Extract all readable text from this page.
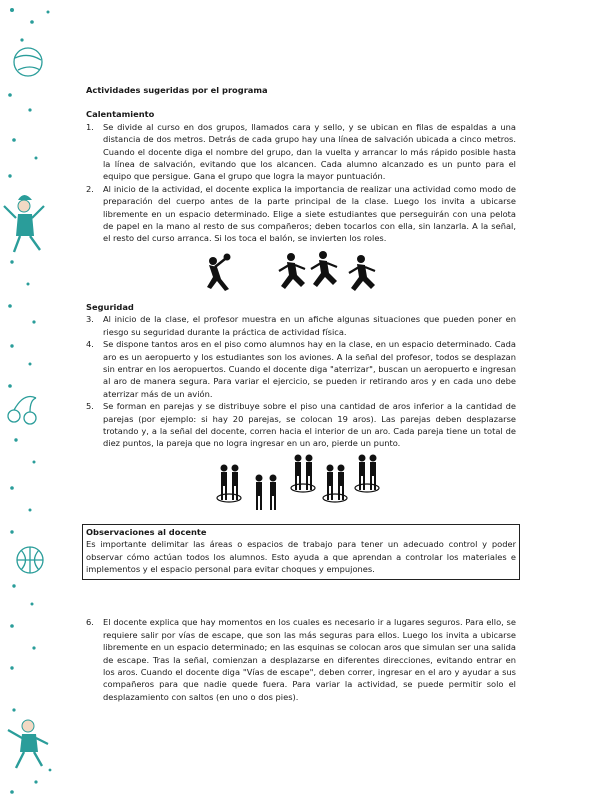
Actividades sugeridas por el programa
Calentamiento
1. Se divide al curso en dos grupos, llamados cara y sello, y se ubican en filas de espaldas a una distancia de dos metros. Detrás de cada grupo hay una línea de salvación ubicada a cinco metros. Cuando el docente diga el nombre del grupo, dan la vuelta y arrancar lo más rápido posible hasta la línea de salvación, evitando que los alcancen. Cada alumno alcanzado es un punto para el equipo que persigue. Gana el grupo que logra la mayor puntuación.
2. Al inicio de la actividad, el docente explica la importancia de realizar una actividad como modo de preparación del cuerpo antes de la parte principal de la clase. Luego los invita a ubicarse libremente en un espacio determinado. Elige a siete estudiantes que perseguirán con una pelota de papel en la mano al resto de sus compañeros; deben tocarlos con ella, sin lanzarla. A la señal, el resto del curso arranca. Si los toca el balón, se invierten los roles.
Seguridad
3. Al inicio de la clase, el profesor muestra en un afiche algunas situaciones que pueden poner en riesgo su seguridad durante la práctica de actividad física.
4. Se dispone tantos aros en el piso como alumnos hay en la clase, en un espacio determinado. Cada aro es un aeropuerto y los estudiantes son los aviones. A la señal del profesor, todos se desplazan sin entrar en los aeropuertos. Cuando el docente diga "aterrizar", buscan un aeropuerto e ingresan al aro de manera segura. Para variar el ejercicio, se pueden ir retirando aros y en cada uno debe aterrizar más de un avión.
5. Se forman en parejas y se distribuye sobre el piso una cantidad de aros inferior a la cantidad de parejas (por ejemplo: si hay 20 parejas, se colocan 19 aros). Las parejas deben desplazarse trotando y, a la señal del docente, corren hacia el interior de un aro. Cada pareja tiene un total de diez puntos, la pareja que no logra ingresar en un aro, pierde un punto.
Observaciones al docente

Es importante delimitar las áreas o espacios de trabajo para tener un adecuado control y poder observar cómo actúan todos los alumnos. Esto ayuda a que aprendan a controlar los materiales e implementos y el espacio personal para evitar choques y empujones.

6. El docente explica que hay momentos en los cuales es necesario ir a lugares seguros. Para ello, se requiere salir por vías de escape, que son las más seguras para ellos. Luego los invita a ubicarse libremente en un espacio determinado; en las esquinas se colocan aros que simulan ser una salida de escape. Tras la señal, comienzan a desplazarse en diferentes direcciones, evitando entrar en los aros. Cuando el docente diga "Vías de escape", deben correr, ingresar en el aro y ayudar a sus compañeros para que nadie quede fuera. Para variar la actividad, se puede permitir solo el desplazamiento con saltos (en uno o dos pies).
